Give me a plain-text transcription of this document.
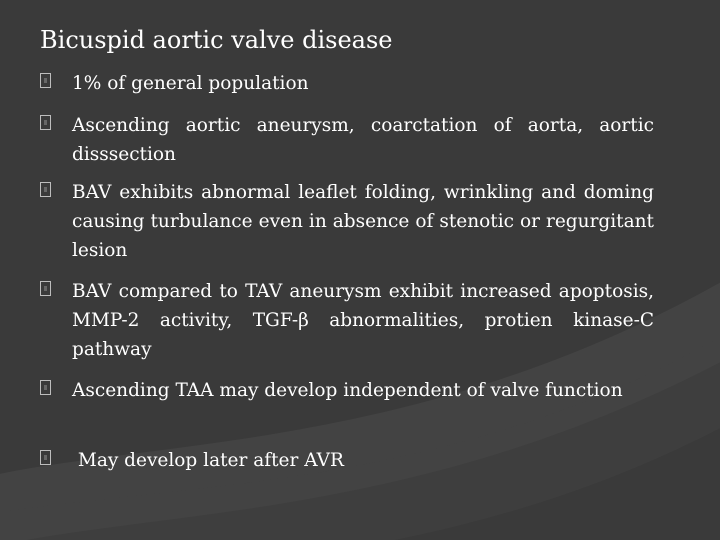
Bicuspid aortic valve disease
1% of general population
Ascending aortic aneurysm, coarctation of aorta, aortic disssection
BAV exhibits abnormal leaflet folding, wrinkling and doming causing turbulance even in absence of stenotic or regurgitant lesion
BAV compared to TAV aneurysm exhibit increased apoptosis, MMP-2 activity, TGF-β abnormalities, protien kinase-C pathway
Ascending TAA may develop independent of valve function
May develop later after AVR
